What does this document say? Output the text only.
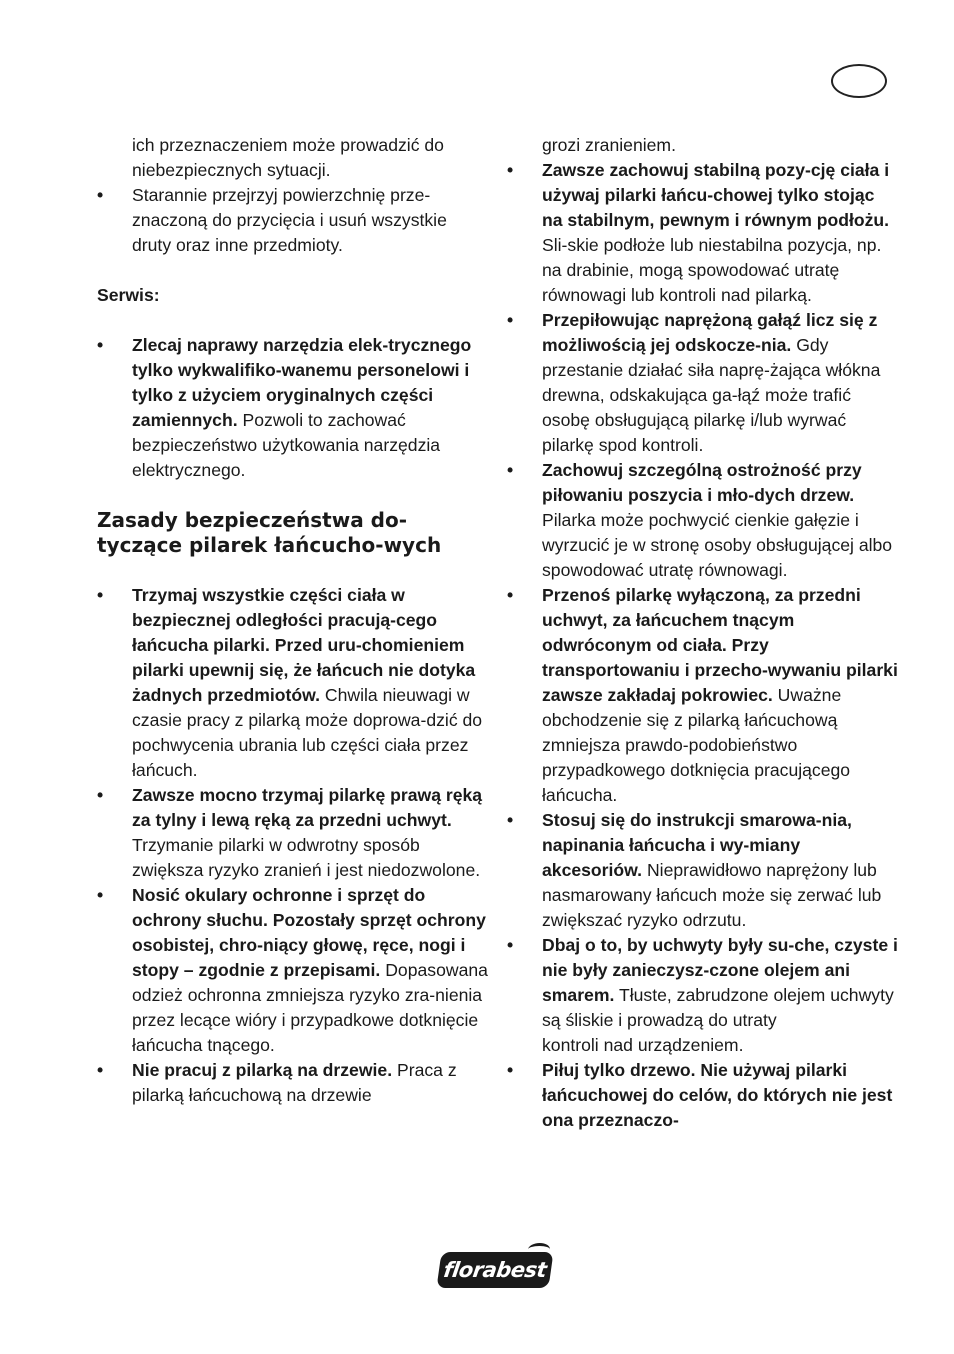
ich przeznaczeniem może prowadzić do niebezpiecznych sytuacji.

• Starannie przejrzyj powierzchnię prze-znaczoną do przycięcia i usuń wszystkie druty oraz inne przedmioty.

Serwis:

• Zlecaj naprawy narzędzia elek-trycznego tylko wykwalifiko-wanemu personelowi i tylko z użyciem oryginalnych części zamiennych. Pozwoli to zachować bezpieczeństwo użytkowania narzędzia elektrycznego.

Zasady bezpieczeństwa do-tyczące pilarek łańcucho-wych

• Trzymaj wszystkie części ciała w bezpiecznej odległości pracują-cego łańcucha pilarki. Przed uru-chomieniem pilarki upewnij się, że łańcuch nie dotyka żadnych przedmiotów. Chwila nieuwagi w czasie pracy z pilarką może doprowa-dzić do pochwycenia ubrania lub części ciała przez łańcuch.

• Zawsze mocno trzymaj pilarkę prawą ręką za tylny i lewą ręką za przedni uchwyt. Trzymanie pilarki w odwrotny sposób zwiększa ryzyko zranień i jest niedozwolone.

• Nosić okulary ochronne i sprzęt do ochrony słuchu. Pozostały sprzęt ochrony osobistej, chro-niący głowę, ręce, nogi i stopy – zgodnie z przepisami. Dopasowana odzież ochronna zmniejsza ryzyko zra-nienia przez lecące wióry i przypadkowe dotknięcie łańcucha tnącego.

• Nie pracuj z pilarką na drzewie. Praca z pilarką łańcuchową na drzewie

grozi zranieniem.

• Zawsze zachowuj stabilną pozy-cję ciała i używaj pilarki łańcu-chowej tylko stojąc na stabilnym, pewnym i równym podłożu. Sli-skie podłoże lub niestabilna pozycja, np. na drabinie, mogą spowodować utratę równowagi lub kontroli nad pilarką.

• Przepiłowując naprężoną gałąź licz się z możliwością jej odskocze-nia. Gdy przestanie działać siła naprę-żająca włókna drewna, odskakująca ga-łąź może trafić osobę obsługującą pilarkę i/lub wyrwać pilarkę spod kontroli.

• Zachowuj szczególną ostrożność przy piłowaniu poszycia i mło-dych drzew. Pilarka może pochwycić cienkie gałęzie i wyrzucić je w stronę osoby obsługującej albo spowodować utratę równowagi.

• Przenoś pilarkę wyłączoną, za przedni uchwyt, za łańcuchem tnącym odwróconym od ciała. Przy transportowaniu i przecho-wywaniu pilarki zawsze zakładaj pokrowiec. Uważne obchodzenie się z pilarką łańcuchową zmniejsza prawdo-podobieństwo przypadkowego dotknięcia pracującego łańcucha.

• Stosuj się do instrukcji smarowa-nia, napinania łańcucha i wy-miany akcesoriów. Nieprawidłowo naprężony lub nasmarowany łańcuch może się zerwać lub zwiększać ryzyko odrzutu.

• Dbaj o to, by uchwyty były su-che, czyste i nie były zanieczysz-czone olejem ani smarem. Tłuste, zabrudzone olejem uchwyty są śliskie i prowadzą do utraty

kontroli nad urządzeniem.

• Piłuj tylko drzewo. Nie używaj pilarki łańcuchowej do celów, do których nie jest ona przeznaczo-

florabest
